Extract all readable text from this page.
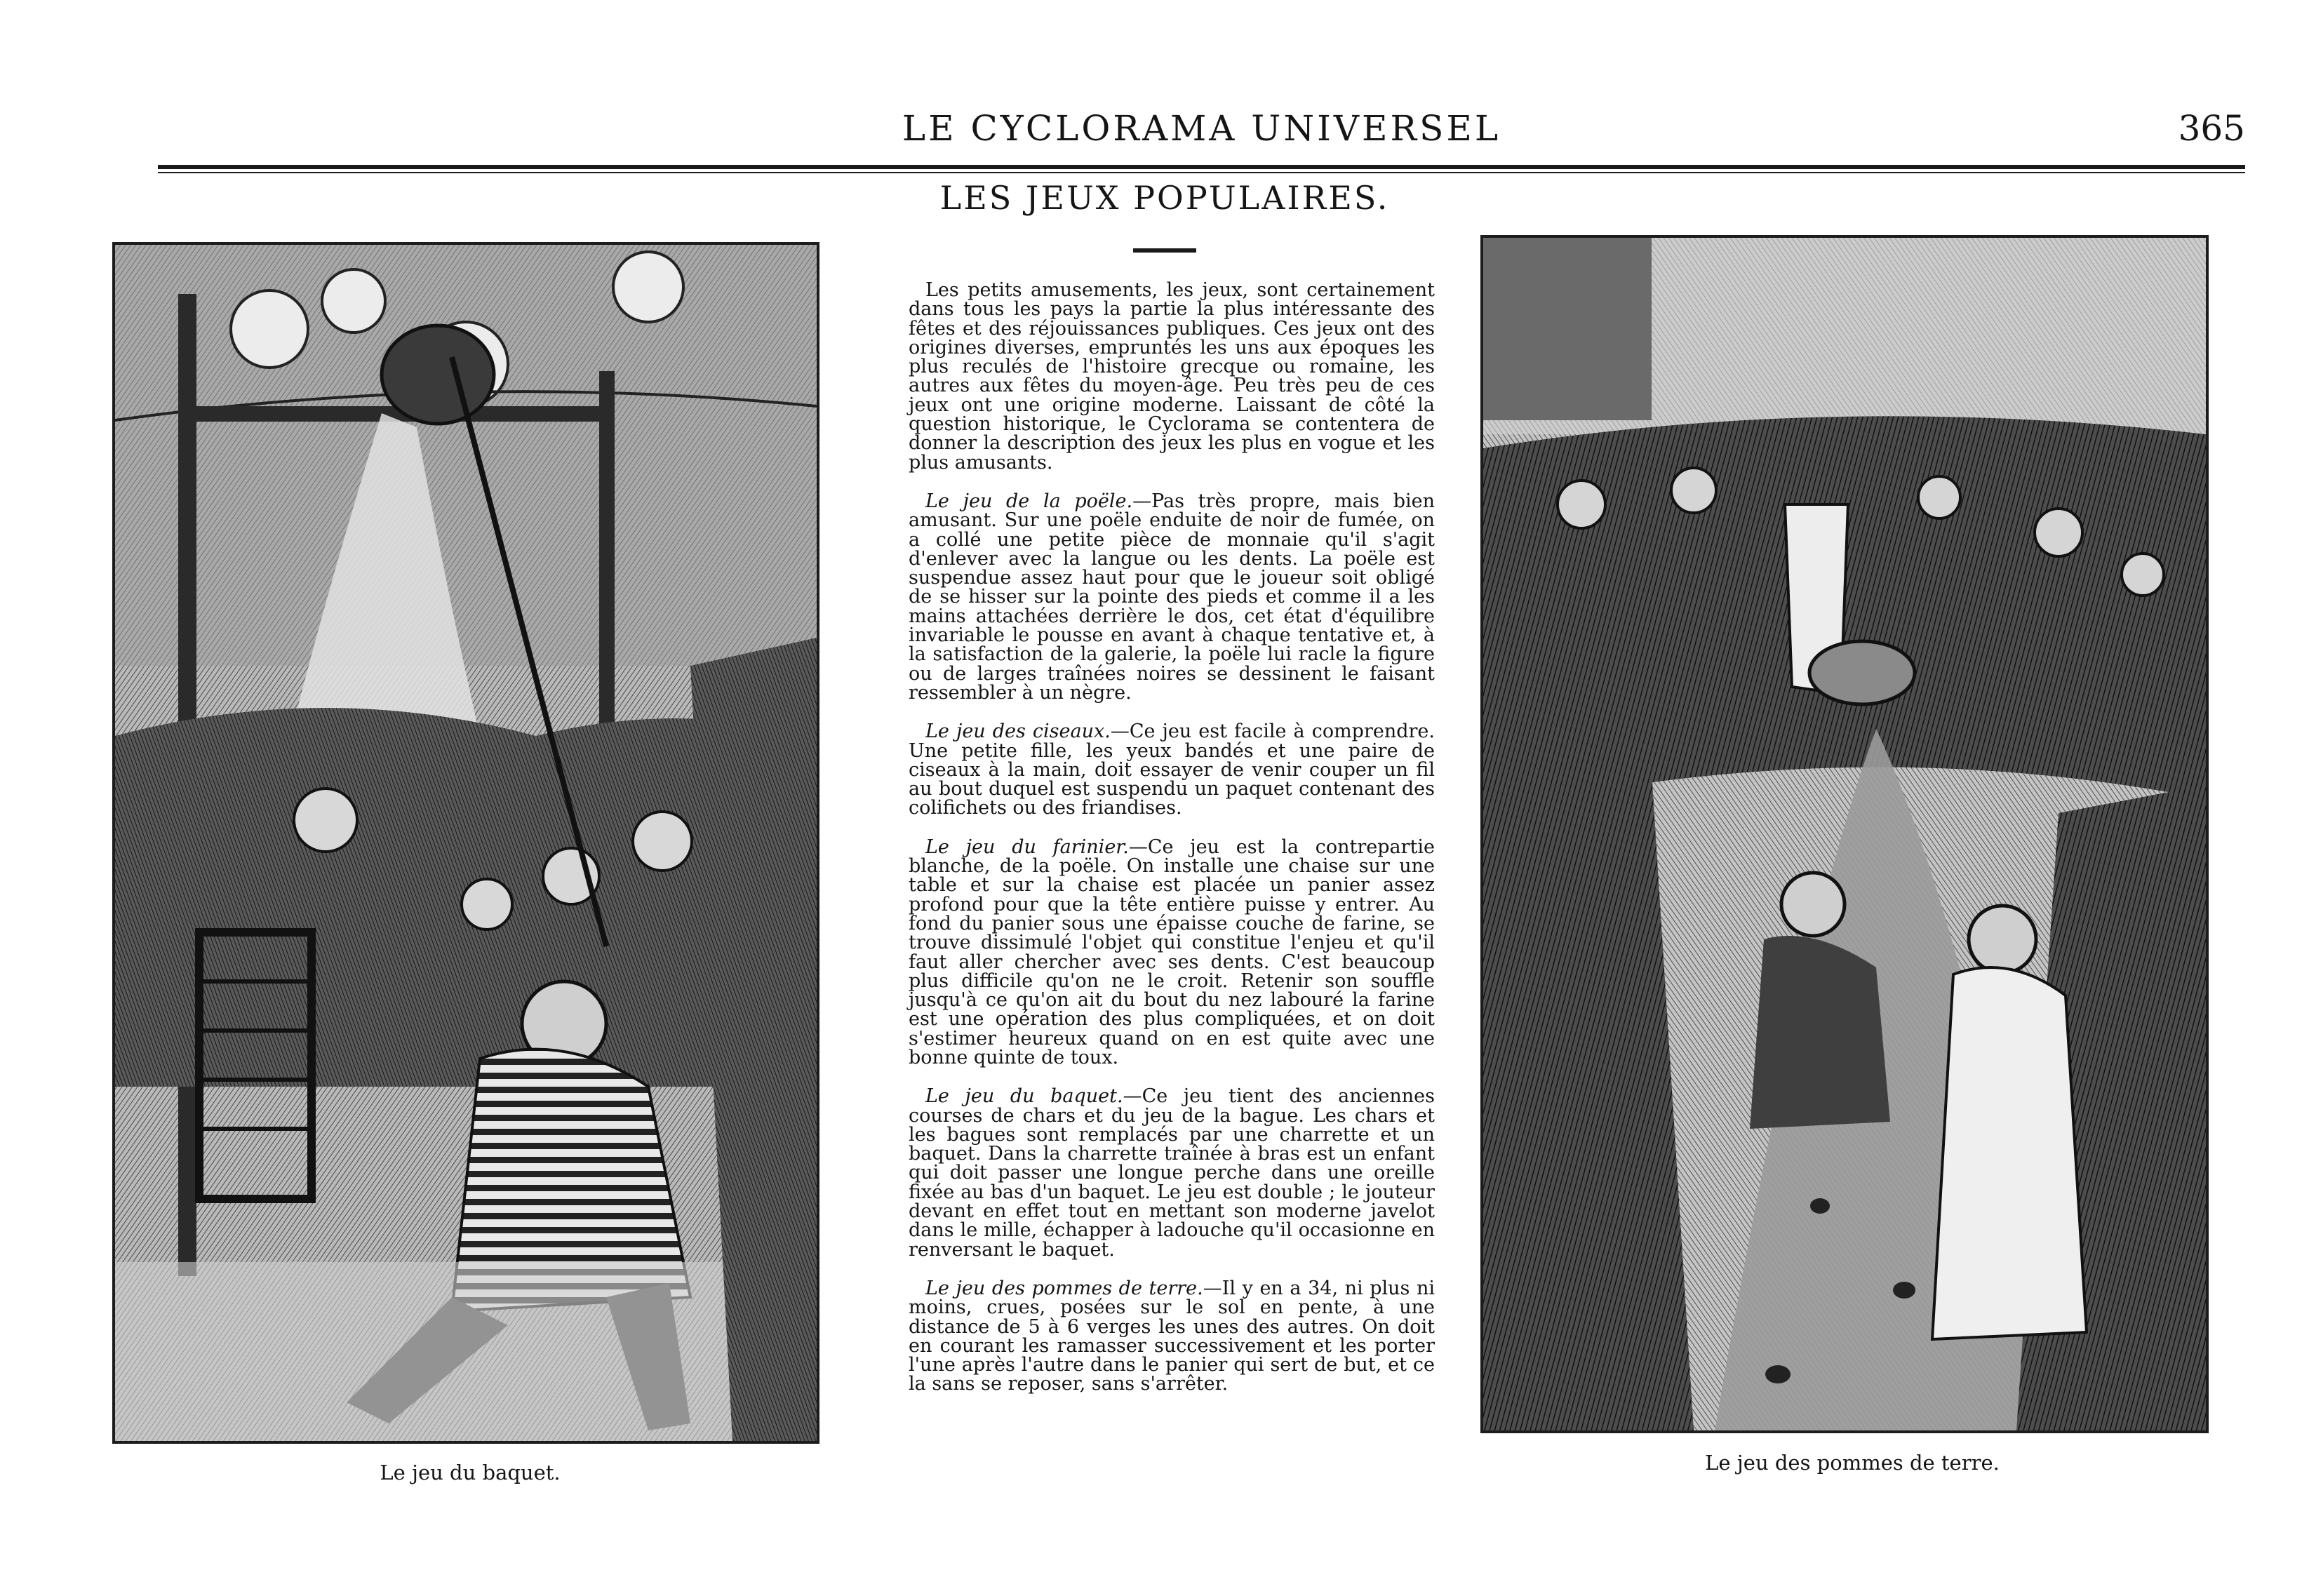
LE CYCLORAMA UNIVERSEL	365
LES JEUX POPULAIRES.
Le jeu du baquet.

Les petits amusements, les jeux, sont certainement dans tous les pays la partie la plus intéressante des fêtes et des réjouissances publiques. Ces jeux ont des origines diverses, empruntés les uns aux époques les plus reculés de l'histoire grecque ou romaine, les autres aux fêtes du moyen-âge. Peu très peu de ces jeux ont une origine moderne. Laissant de côté la question historique, le Cyclorama se contentera de donner la description des jeux les plus en vogue et les plus amusants.

Le jeu de la poële.—Pas très propre, mais bien amusant. Sur une poële enduite de noir de fumée, on a collé une petite pièce de monnaie qu'il s'agit d'enlever avec la langue ou les dents. La poële est suspendue assez haut pour que le joueur soit obligé de se hisser sur la pointe des pieds et comme il a les mains attachées derrière le dos, cet état d'équilibre invariable le pousse en avant à chaque tentative et, à la satisfaction de la galerie, la poële lui racle la figure ou de larges traînées noires se dessinent le faisant ressembler à un nègre.

Le jeu des ciseaux.—Ce jeu est facile à comprendre. Une petite fille, les yeux bandés et une paire de ciseaux à la main, doit essayer de venir couper un fil au bout duquel est suspendu un paquet contenant des colifichets ou des friandises.

Le jeu du farinier.—Ce jeu est la contrepartie blanche, de la poële. On installe une chaise sur une table et sur la chaise est placée un panier assez profond pour que la tête entière puisse y entrer. Au fond du panier sous une épaisse couche de farine, se trouve dissimulé l'objet qui constitue l'enjeu et qu'il faut aller chercher avec ses dents. C'est beaucoup plus difficile qu'on ne le croit. Retenir son souffle jusqu'à ce qu'on ait du bout du nez labouré la farine est une opération des plus compliquées, et on doit s'estimer heureux quand on en est quite avec une bonne quinte de toux.

Le jeu du baquet.—Ce jeu tient des anciennes courses de chars et du jeu de la bague. Les chars et les bagues sont remplacés par une charrette et un baquet. Dans la charrette traînée à bras est un enfant qui doit passer une longue perche dans une oreille fixée au bas d'un baquet. Le jeu est double ; le jouteur devant en effet tout en mettant son moderne javelot dans le mille, échapper à ladouche qu'il occasionne en renversant le baquet.

Le jeu des pommes de terre.—Il y en a 34, ni plus ni moins, crues, posées sur le sol en pente, à une distance de 5 à 6 verges les unes des autres. On doit en courant les ramasser successivement et les porter l'une après l'autre dans le panier qui sert de but, et ce la sans se reposer, sans s'arrêter.

Le jeu des pommes de terre.
